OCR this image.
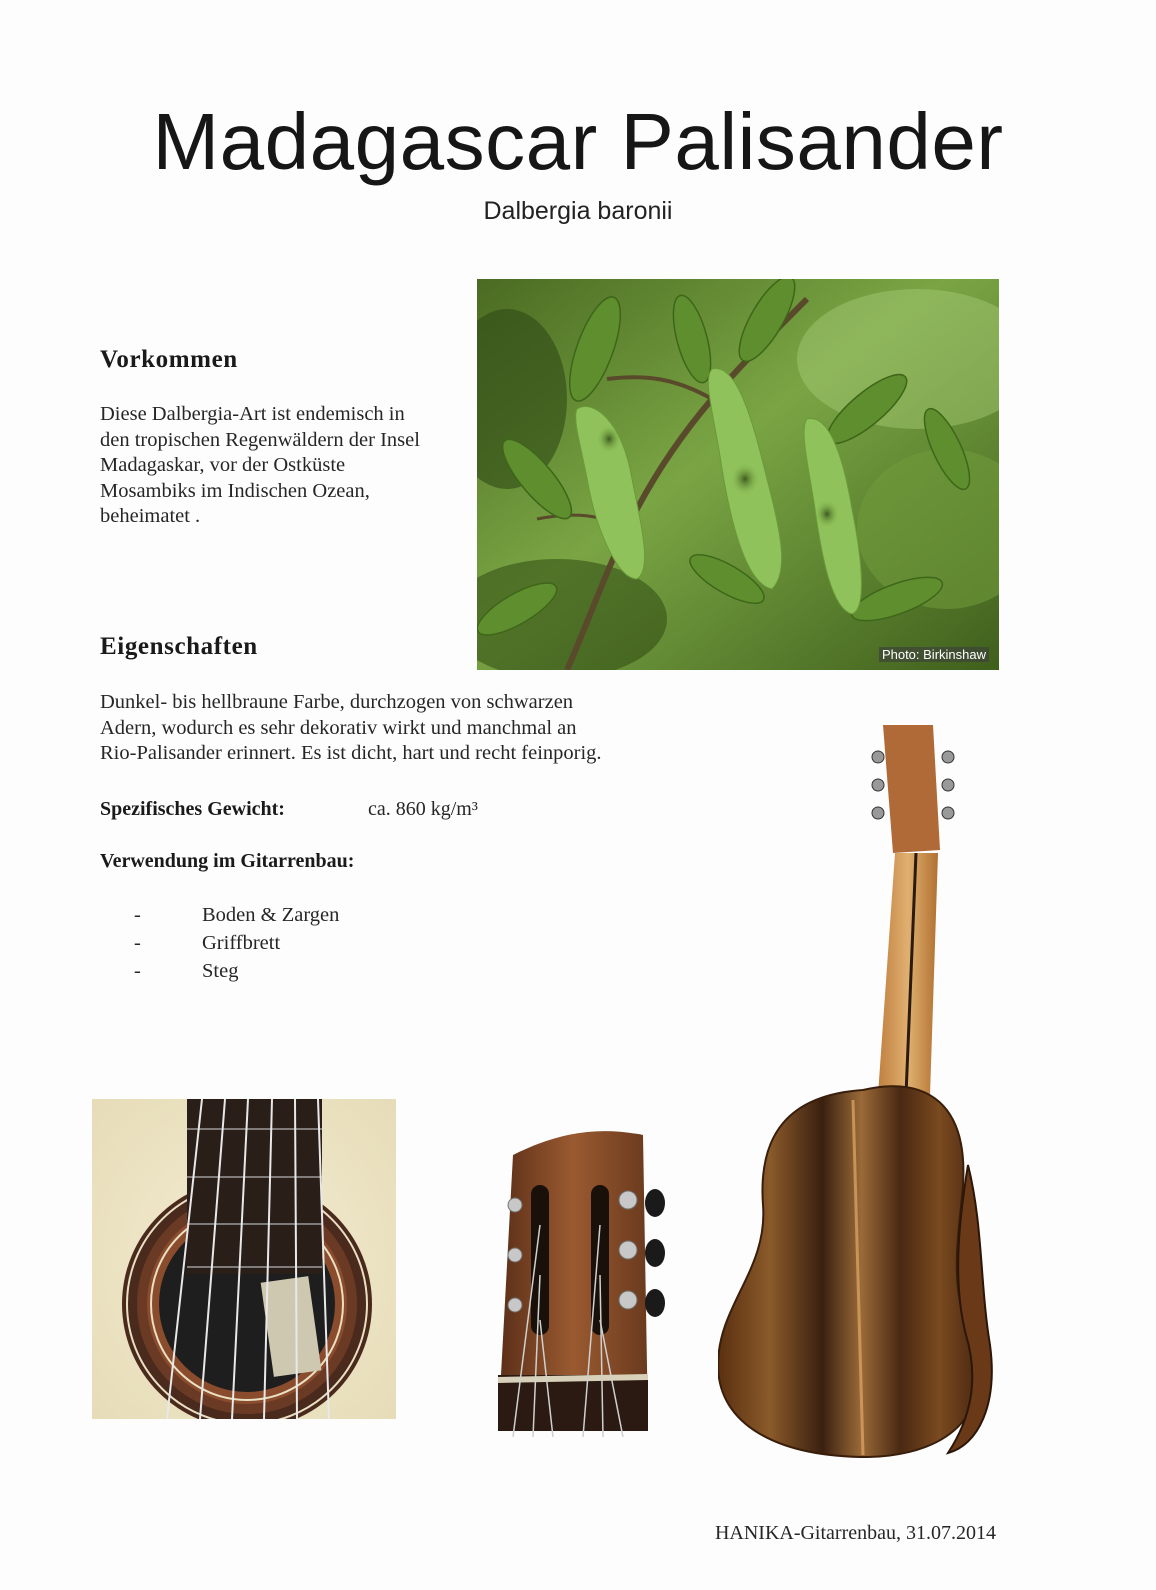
Madagascar Palisander
Dalbergia baronii
Vorkommen
Diese Dalbergia-Art ist endemisch in
den tropischen Regenwäldern der Insel
Madagaskar, vor der Ostküste
Mosambiks im Indischen Ozean,
beheimatet .
Photo: Birkinshaw
Eigenschaften
Dunkel- bis hellbraune Farbe, durchzogen von schwarzen
Adern, wodurch es sehr dekorativ wirkt und manchmal an
Rio-Palisander erinnert. Es ist dicht, hart und recht feinporig.
Spezifisches Gewicht:	ca. 860 kg/m³
Verwendung im Gitarrenbau:
-	Boden & Zargen
-	Griffbrett
-	Steg
HANIKA-Gitarrenbau, 31.07.2014
